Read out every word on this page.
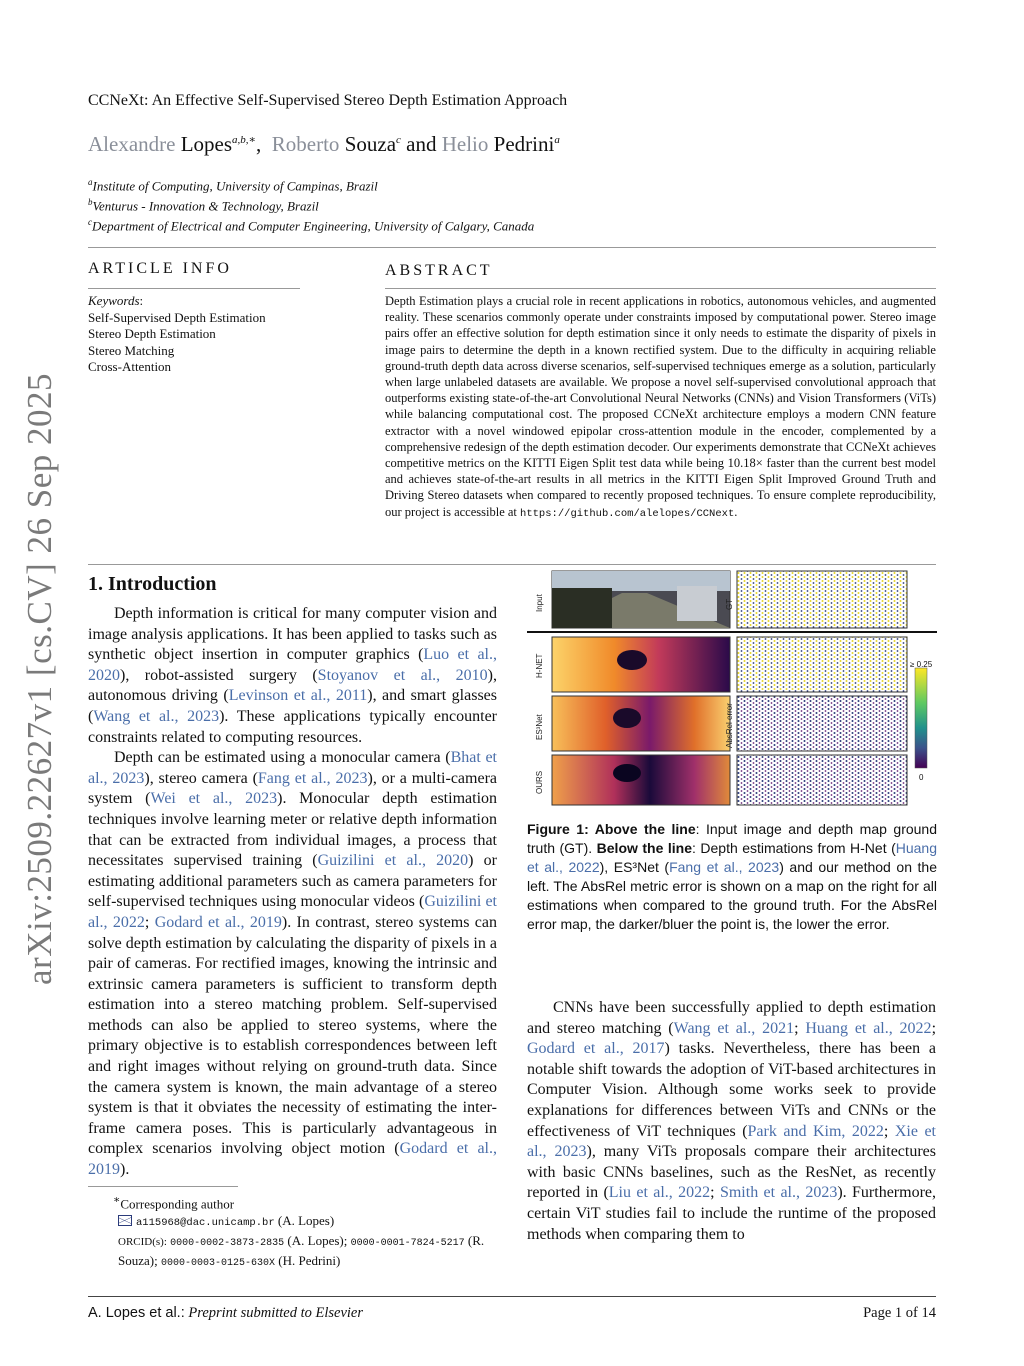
arXiv:2509.22627v1 [cs.CV] 26 Sep 2025
CCNeXt: An Effective Self-Supervised Stereo Depth Estimation Approach
Alexandre Lopes$^{a,b,∗}$,  Roberto Souza$^c$ and Helio Pedrini$^a$
$^a$Institute of Computing, University of Campinas, Brazil
$^b$Venturus - Innovation & Technology, Brazil
$^c$Department of Electrical and Computer Engineering, University of Calgary, Canada
ARTICLE INFO
Keywords:
Self-Supervised Depth Estimation
Stereo Depth Estimation
Stereo Matching
Cross-Attention
ABSTRACT
Depth Estimation plays a crucial role in recent applications in robotics, autonomous vehicles, and augmented reality. These scenarios commonly operate under constraints imposed by computational power. Stereo image pairs offer an effective solution for depth estimation since it only needs to estimate the disparity of pixels in image pairs to determine the depth in a known rectified system. Due to the difficulty in acquiring reliable ground-truth depth data across diverse scenarios, self-supervised techniques emerge as a solution, particularly when large unlabeled datasets are available. We propose a novel self-supervised convolutional approach that outperforms existing state-of-the-art Convolutional Neural Networks (CNNs) and Vision Transformers (ViTs) while balancing computational cost. The proposed CCNeXt architecture employs a modern CNN feature extractor with a novel windowed epipolar cross-attention module in the encoder, complemented by a comprehensive redesign of the depth estimation decoder. Our experiments demonstrate that CCNeXt achieves competitive metrics on the KITTI Eigen Split test data while being 10.18× faster than the current best model and achieves state-of-the-art results in all metrics in the KITTI Eigen Split Improved Ground Truth and Driving Stereo datasets when compared to recently proposed techniques. To ensure complete reproducibility, our project is accessible at https://github.com/alelopes/CCNext.
1. Introduction

Depth information is critical for many computer vision and image analysis applications. It has been applied to tasks such as synthetic object insertion in computer graphics (Luo et al., 2020), robot-assisted surgery (Stoyanov et al., 2010), autonomous driving (Levinson et al., 2011), and smart glasses (Wang et al., 2023). These applications typically encounter constraints related to computing resources.

Depth can be estimated using a monocular camera (Bhat et al., 2023), stereo camera (Fang et al., 2023), or a multi-camera system (Wei et al., 2023). Monocular depth estimation techniques involve learning meter or relative depth information that can be extracted from individual images, a process that necessitates supervised training (Guizilini et al., 2020) or estimating additional parameters such as camera parameters for self-supervised techniques using monocular videos (Guizilini et al., 2022; Godard et al., 2019). In contrast, stereo systems can solve depth estimation by calculating the disparity of pixels in a pair of cameras. For rectified images, knowing the intrinsic and extrinsic camera parameters is sufficient to transform depth estimation into a stereo matching problem. Self-supervised methods can also be applied to stereo systems, where the primary objective is to establish correspondences between left and right images without relying on ground-truth data. Since the camera system is known, the main advantage of a stereo system is that it obviates the necessity of estimating the inter-frame camera poses. This is particularly advantageous in complex scenarios involving object motion (Godard et al., 2019).

Input
H-NET
ES³Net
OURS
GT
AbsRel error
≥ 0.25
0
Figure 1: Above the line: Input image and depth map ground truth (GT). Below the line: Depth estimations from H-Net (Huang et al., 2022), ES³Net (Fang et al., 2023) and our method on the left. The AbsRel metric error is shown on a map on the right for all estimations when compared to the ground truth. For the AbsRel error map, the darker/bluer the point is, the lower the error.

CNNs have been successfully applied to depth estimation and stereo matching (Wang et al., 2021; Huang et al., 2022; Godard et al., 2017) tasks. Nevertheless, there has been a notable shift towards the adoption of ViT-based architectures in Computer Vision. Although some works seek to provide explanations for differences between ViTs and CNNs or the effectiveness of ViT techniques (Park and Kim, 2022; Xie et al., 2023), many ViTs proposals compare their architectures with basic CNNs baselines, such as the ResNet, as recently reported in (Liu et al., 2022; Smith et al., 2023). Furthermore, certain ViT studies fail to include the runtime of the proposed methods when comparing them to

∗Corresponding author
a115968@dac.unicamp.br (A. Lopes)
ORCID(s): 0000-0002-3873-2835 (A. Lopes); 0000-0001-7824-5217 (R. Souza); 0000-0003-0125-630X (H. Pedrini)
A. Lopes et al.: Preprint submitted to Elsevier	Page 1 of 14
